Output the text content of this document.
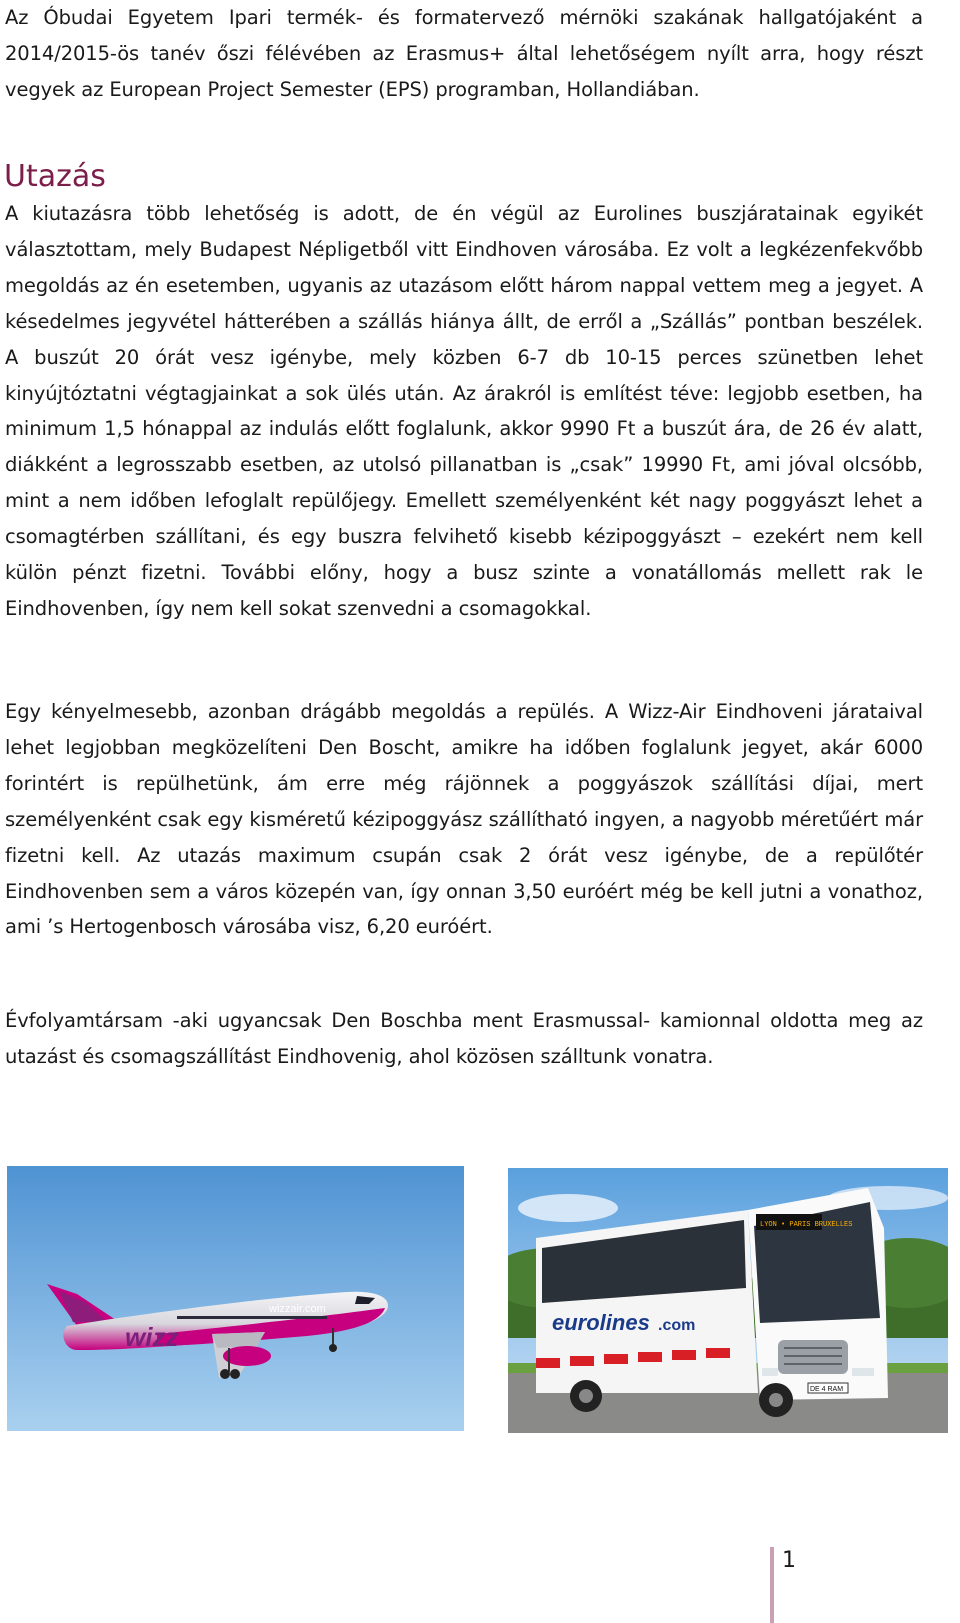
Az Óbudai Egyetem Ipari termék- és formatervező mérnöki szakának hallgatójaként a 2014/2015-ös tanév őszi félévében az Erasmus+ által lehetőségem nyílt arra, hogy részt vegyek az European Project Semester (EPS) programban, Hollandiában.

Utazás

A kiutazásra több lehetőség is adott, de én végül az Eurolines buszjáratainak egyikét választottam, mely Budapest Népligetből vitt Eindhoven városába. Ez volt a legkézenfekvőbb megoldás az én esetemben, ugyanis az utazásom előtt három nappal vettem meg a jegyet. A késedelmes jegyvétel hátterében a szállás hiánya állt, de erről a „Szállás” pontban beszélek. A buszút 20 órát vesz igénybe, mely közben 6-7 db 10-15 perces szünetben lehet kinyújtóztatni végtagjainkat a sok ülés után. Az árakról is említést téve: legjobb esetben, ha minimum 1,5 hónappal az indulás előtt foglalunk, akkor 9990 Ft a buszút ára, de 26 év alatt, diákként a legrosszabb esetben, az utolsó pillanatban is „csak” 19990 Ft, ami jóval olcsóbb, mint a nem időben lefoglalt repülőjegy. Emellett személyenként két nagy poggyászt lehet a csomagtérben szállítani, és egy buszra felvihető kisebb kézipoggyászt – ezekért nem kell külön pénzt fizetni. További előny, hogy a busz szinte a vonatállomás mellett rak le Eindhovenben, így nem kell sokat szenvedni a csomagokkal.

Egy kényelmesebb, azonban drágább megoldás a repülés. A Wizz-Air Eindhoveni járataival lehet legjobban megközelíteni Den Boscht, amikre ha időben foglalunk jegyet, akár 6000 forintért is repülhetünk, ám erre még rájönnek a poggyászok szállítási díjai, mert személyenként csak egy kisméretű kézipoggyász szállítható ingyen, a nagyobb méretűért már fizetni kell. Az utazás maximum csupán csak 2 órát vesz igénybe, de a repülőtér Eindhovenben sem a város közepén van, így onnan 3,50 euróért még be kell jutni a vonathoz, ami ’s Hertogenbosch városába visz, 6,20 euróért.

Évfolyamtársam -aki ugyancsak Den Boschba ment Erasmussal- kamionnal oldotta meg az utazást és csomagszállítást Eindhovenig, ahol közösen szálltunk vonatra.

wizz
wizzair.com
LYON • PARIS BRUXELLES
DE 4 RAM
eurolines .com
1
